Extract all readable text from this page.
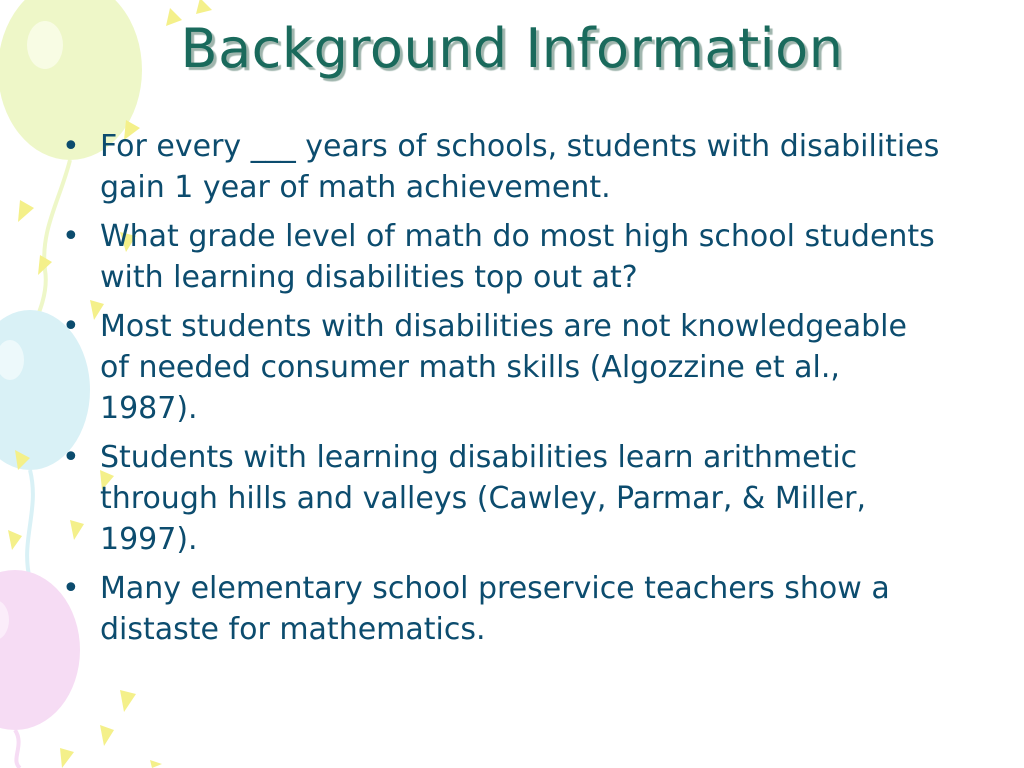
Background Information
• For every ___ years of schools, students with disabilities gain 1 year of math achievement.
• What grade level of math do most high school students with learning disabilities top out at?
• Most students with disabilities are not knowledgeable of needed consumer math skills (Algozzine et al., 1987).
• Students with learning disabilities learn arithmetic through hills and valleys (Cawley, Parmar, & Miller, 1997).
• Many elementary school preservice teachers show a distaste for mathematics.
